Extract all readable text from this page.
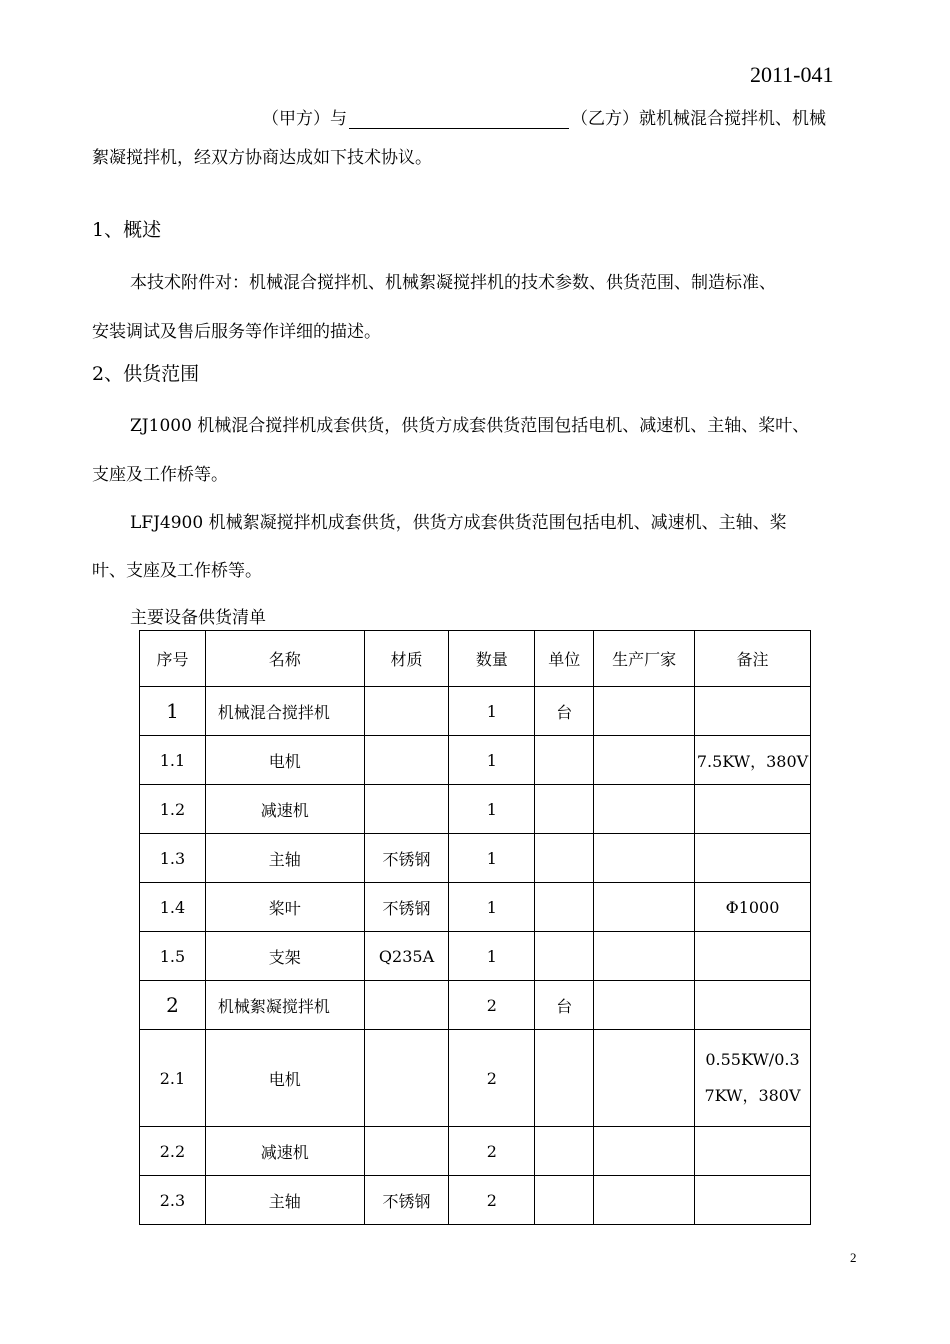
2011-041
（甲方）与	（乙方）就机械混合搅拌机、机械
絮凝搅拌机，经双方协商达成如下技术协议。
1、概述
本技术附件对：机械混合搅拌机、机械絮凝搅拌机的技术参数、供货范围、制造标准、
安装调试及售后服务等作详细的描述。
2、供货范围
ZJ1000 机械混合搅拌机成套供货，供货方成套供货范围包括电机、减速机、主轴、桨叶、
支座及工作桥等。
LFJ4900 机械絮凝搅拌机成套供货，供货方成套供货范围包括电机、减速机、主轴、桨
叶、支座及工作桥等。
主要设备供货清单
序号	名称	材质	数量	单位	生产厂家	备注
1	机械混合搅拌机		1	台		
1.1	电机		1			7.5KW，380V
1.2	减速机		1			
1.3	主轴	不锈钢	1			
1.4	桨叶	不锈钢	1			Φ1000
1.5	支架	Q235A	1			
2	机械絮凝搅拌机		2	台		
2.1	电机		2			0.55KW/0.3
7KW，380V

2.2	减速机		2			
2.3	主轴	不锈钢	2			
2
